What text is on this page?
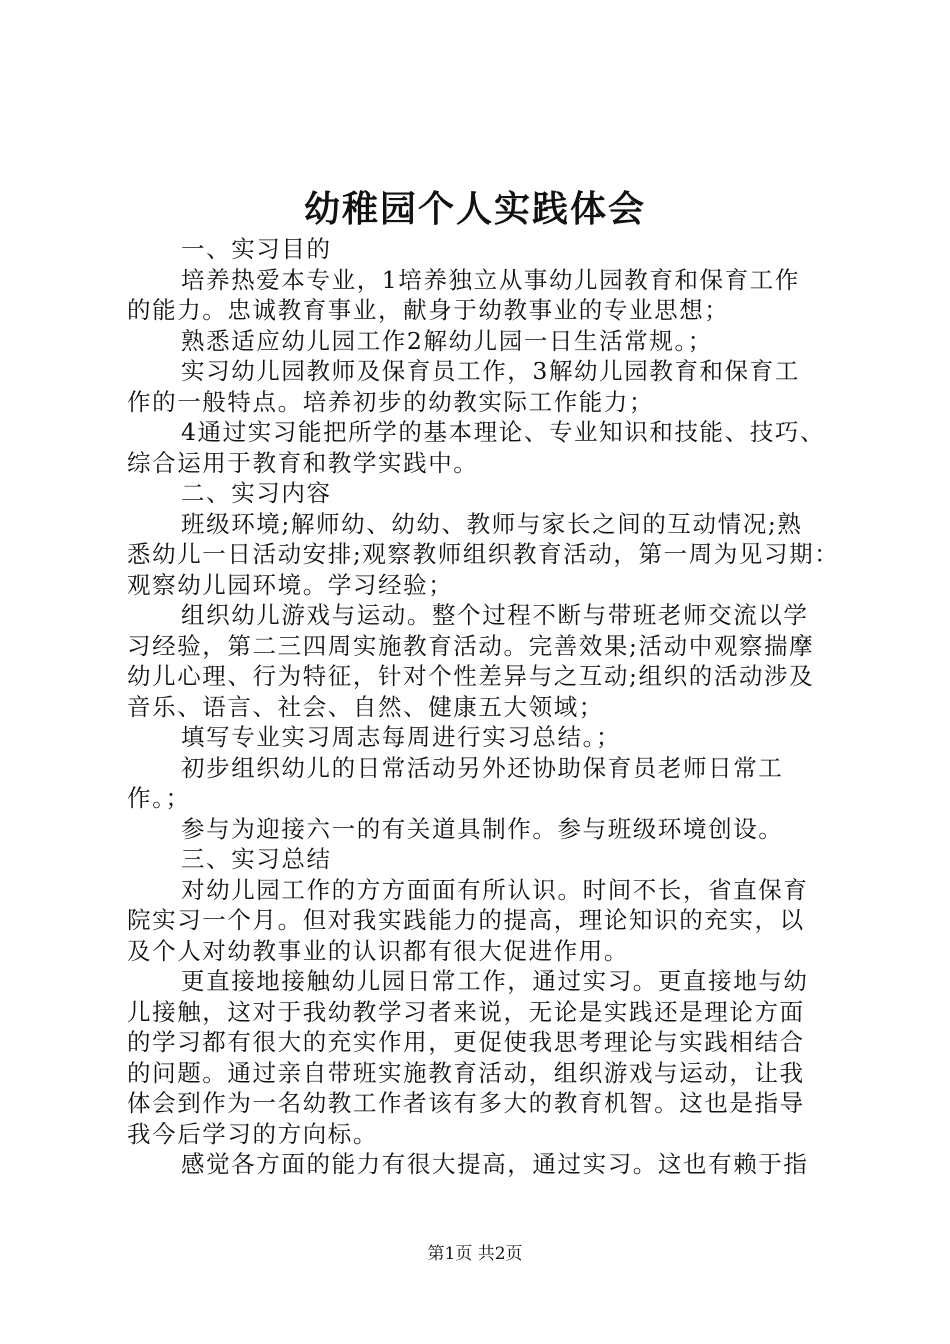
幼稚园个人实践体会
一、实习目的
培养热爱本专业，1培养独立从事幼儿园教育和保育工作
的能力。忠诚教育事业，献身于幼教事业的专业思想；
熟悉适应幼儿园工作2解幼儿园一日生活常规。；
实习幼儿园教师及保育员工作，3解幼儿园教育和保育工
作的一般特点。培养初步的幼教实际工作能力；
4通过实习能把所学的基本理论、专业知识和技能、技巧、
综合运用于教育和教学实践中。
二、实习内容
班级环境;解师幼、幼幼、教师与家长之间的互动情况;熟
悉幼儿一日活动安排;观察教师组织教育活动，第一周为见习期：
观察幼儿园环境。学习经验；
组织幼儿游戏与运动。整个过程不断与带班老师交流以学
习经验，第二三四周实施教育活动。完善效果;活动中观察揣摩
幼儿心理、行为特征，针对个性差异与之互动;组织的活动涉及
音乐、语言、社会、自然、健康五大领域；
填写专业实习周志每周进行实习总结。；
初步组织幼儿的日常活动另外还协助保育员老师日常工
作。；
参与为迎接六一的有关道具制作。参与班级环境创设。
三、实习总结
对幼儿园工作的方方面面有所认识。时间不长，省直保育
院实习一个月。但对我实践能力的提高，理论知识的充实，以
及个人对幼教事业的认识都有很大促进作用。
更直接地接触幼儿园日常工作，通过实习。更直接地与幼
儿接触，这对于我幼教学习者来说，无论是实践还是理论方面
的学习都有很大的充实作用，更促使我思考理论与实践相结合
的问题。通过亲自带班实施教育活动，组织游戏与运动，让我
体会到作为一名幼教工作者该有多大的教育机智。这也是指导
我今后学习的方向标。
感觉各方面的能力有很大提高，通过实习。这也有赖于指
第1页 共2页
